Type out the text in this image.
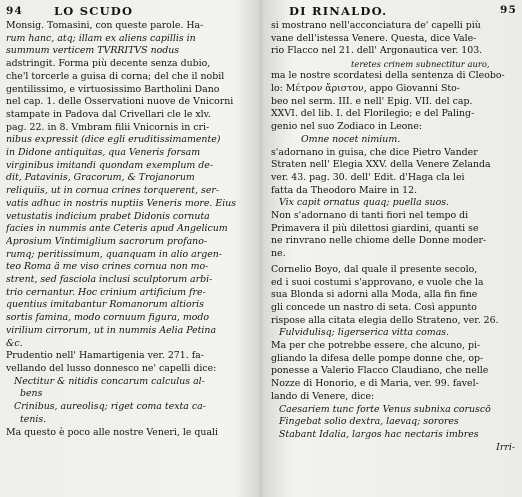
94	LO SCUDO
Monsig. Tomasini, con queste parole. Ha-
rum hanc, atq; illam ex aliens capillis in
summum verticem TVRRITVS nodus
adstringit. Forma più decente senza dubio,
che'l torcerle a guisa di corna; del che il nobil
gentilissimo, e virtuosissimo Bartholini Dano
nel cap. 1. delle Osservationi nuove de Vnicorni
stampate in Padova dal Crivellari cle le xlv.
pag. 22. in 8. Vmbram filii Vnicornis in cri-
nibus expressit (dice egli eruditissimamente)
in Didone antiquitas, qua Veneris forsam
virginibus imitandi quondam exemplum de-
dit, Patavinis, Gracorum, & Trojanorum
reliquiis, ut in cornua crines torquerent, ser-
vatis adhuc in nostris nuptiis Veneris more. Eius
vetustatis indicium prabet Didonis cornuta
facies in nummis ante Ceteris apud Angelicum
Aprosium Vintimiglium sacrorum profano-
rumq; peritissimum, quanquam in alio argen-
teo Roma ä me viso crines cornua non mo-
strent, sed fasciola inclusi sculptorum arbi-
trio cernantur. Hoc crinium artificium fre-
quentius imitabantur Romanorum altioris
sortis famina, modo cornuum figura, modo
virilium cirrorum, ut in nummis Aelia Petina
&c.
Prudentio nell' Hamartigenia ver. 271. fa-
vellando del lusso donnesco ne' capelli dice:
Nectitur & nitidis concarum calculus al-
bens
Crinibus, aureolisq; riget coma texta ca-
tenis.
Ma questo è poco alle nostre Veneri, le quali
DI RINALDO.	95
si mostrano nell'acconciatura de' capelli più
vane dell'istessa Venere. Questa, dice Vale-
rio Flacco nel 21. dell' Argonautica ver. 103.
teretes crinem subnectitur auro,
ma le nostre scordatesi della sentenza di Cleobo-
lo: Μέτρον ἄριστον, appo Giovanni Sto-
beo nel serm. III. e nell' Epig. VII. del cap.
XXVI. del lib. I. del Florilegio; e del Paling-
genio nel suo Zodiaco in Leone:
Omne nocet nimium.
s'adornano in guisa, che dice Pietro Vander
Straten nell' Elegia XXV. della Venere Zelanda
ver. 43. pag. 30. dell' Edit. d'Haga cla lei
fatta da Theodoro Maire in 12.
Vix capit ornatus quaq; puella suos.
Non s'adornano di tanti fiori nel tempo di
Primavera il più dilettosi giardini, quanti se
ne rinvrano nelle chiome delle Donne moder-
ne.
Cornelio Boyo, dal quale il presente secolo,
ed i suoi costumi s'approvano, e vuole che la
sua Blonda si adorni alla Moda, alla fin fine
gli concede un nastro di seta. Così appunto
rispose alla citata elegia dello Strateno, ver. 26.
Fulvidulisq; ligerserica vitta comas.
Ma per che potrebbe essere, che alcuno, pi-
gliando la difesa delle pompe donne che, op-
ponesse a Valerio Flacco Claudiano, che nelle
Nozze di Honorio, e di Maria, ver. 99. favel-
lando di Venere, dice:
Caesariem tunc forte Venus subnixa coruscō
Fingebat solio dextra, laevaq; sorores
Stabant Idalia, largos hac nectaris imbres
Irri-
